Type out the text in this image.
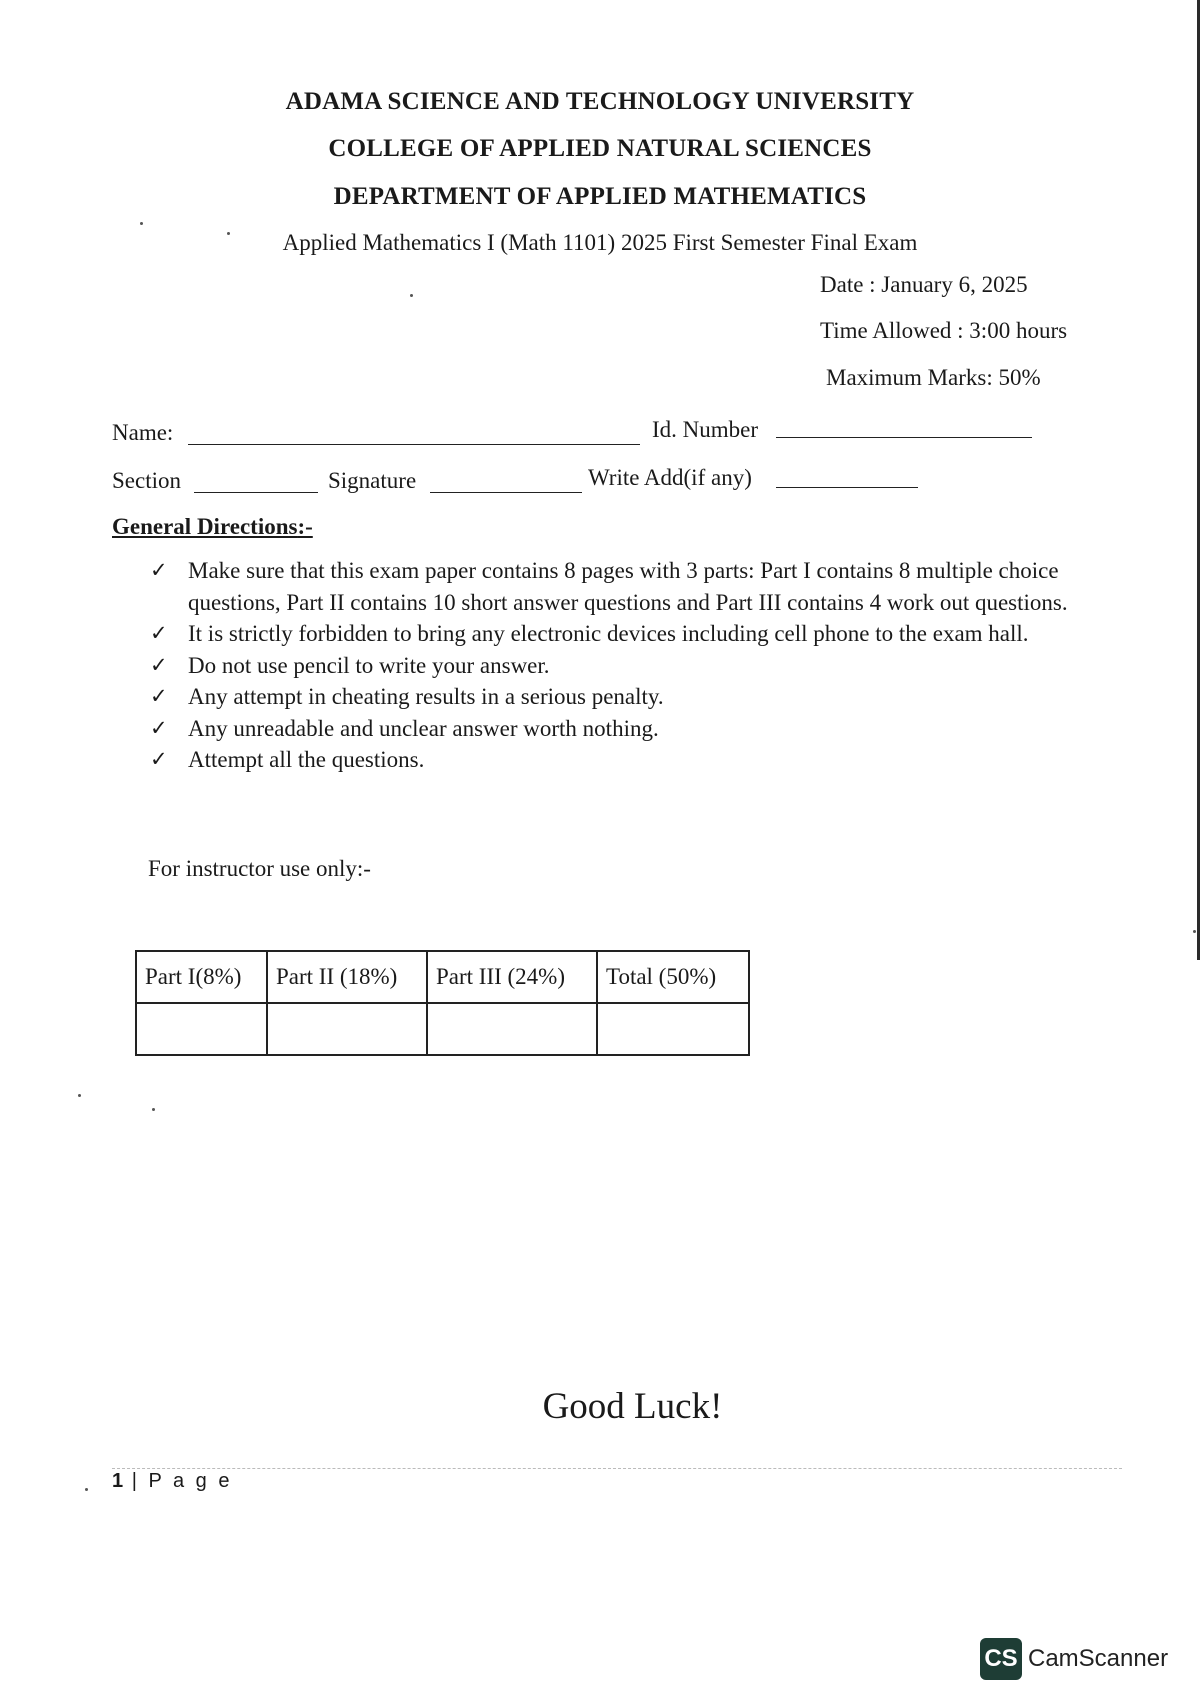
ADAMA SCIENCE AND TECHNOLOGY UNIVERSITY
COLLEGE OF APPLIED NATURAL SCIENCES
DEPARTMENT OF APPLIED MATHEMATICS
Applied Mathematics I (Math 1101) 2025 First Semester Final Exam
Date : January 6, 2025
Time Allowed : 3:00 hours
Maximum Marks: 50%
Name:	Id. Number
Section	Signature	Write Add(if any)
General Directions:-
✓ Make sure that this exam paper contains 8 pages with 3 parts: Part I contains 8 multiple choice questions, Part II contains 10 short answer questions and Part III contains 4 work out questions.
✓ It is strictly forbidden to bring any electronic devices including cell phone to the exam hall.
✓ Do not use pencil to write your answer.
✓ Any attempt in cheating results in a serious penalty.
✓ Any unreadable and unclear answer worth nothing.
✓ Attempt all the questions.
For instructor use only:-
Part I(8%)	Part II (18%)	Part III (24%)	Total (50%)

Good Luck!
1 | P a g e
CS CamScanner
